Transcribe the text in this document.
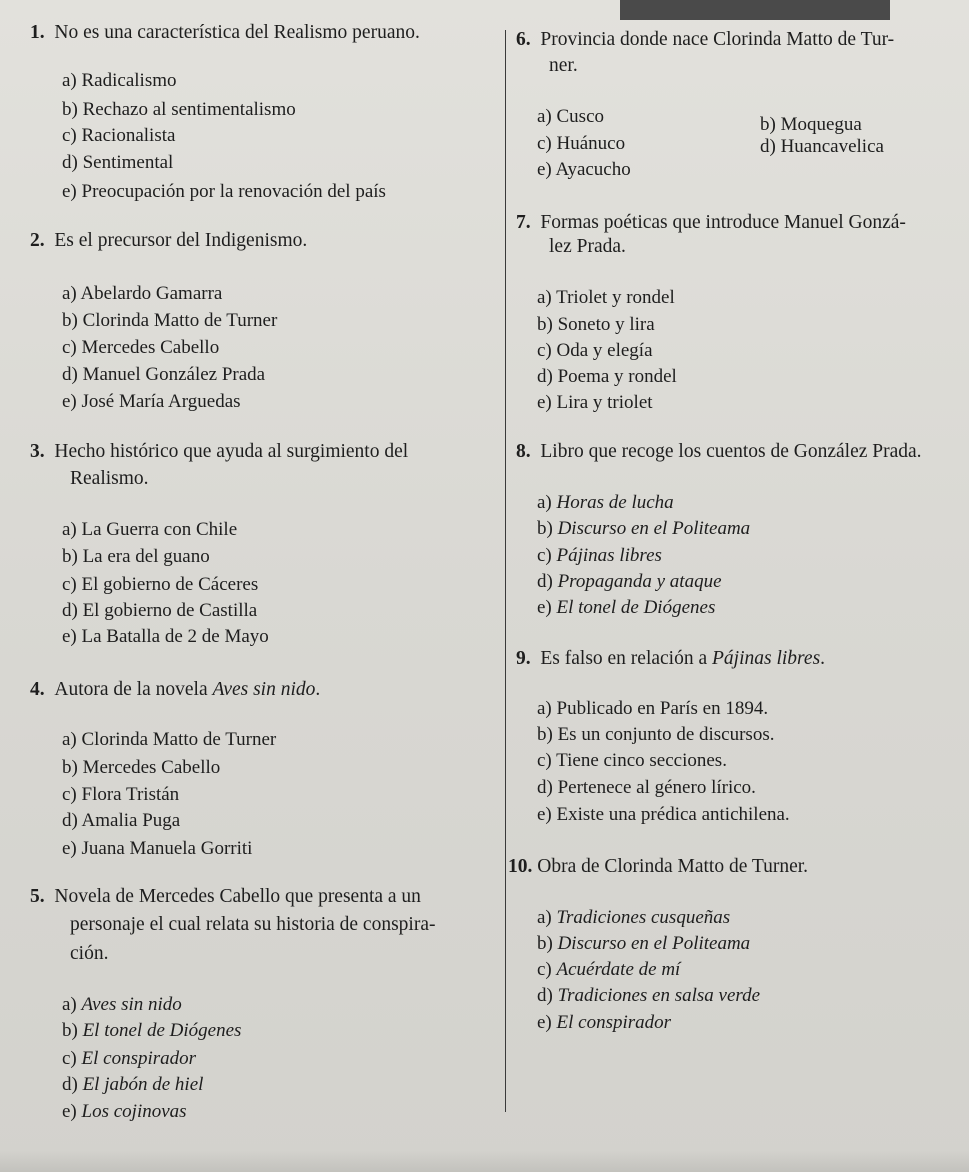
1. No es una característica del Realismo peruano.
a) Radicalismo
b) Rechazo al sentimentalismo
c) Racionalista
d) Sentimental
e) Preocupación por la renovación del país
2. Es el precursor del Indigenismo.
a) Abelardo Gamarra
b) Clorinda Matto de Turner
c) Mercedes Cabello
d) Manuel González Prada
e) José María Arguedas
3. Hecho histórico que ayuda al surgimiento del
Realismo.
a) La Guerra con Chile
b) La era del guano
c) El gobierno de Cáceres
d) El gobierno de Castilla
e) La Batalla de 2 de Mayo
4. Autora de la novela Aves sin nido.
a) Clorinda Matto de Turner
b) Mercedes Cabello
c) Flora Tristán
d) Amalia Puga
e) Juana Manuela Gorriti
5. Novela de Mercedes Cabello que presenta a un
personaje el cual relata su historia de conspira-
ción.
a) Aves sin nido
b) El tonel de Diógenes
c) El conspirador
d) El jabón de hiel
e) Los cojinovas
6. Provincia donde nace Clorinda Matto de Tur-
ner.
a) Cusco	b) Moquegua
c) Huánuco	d) Huancavelica
e) Ayacucho
7. Formas poéticas que introduce Manuel Gonzá-
lez Prada.
a) Triolet y rondel
b) Soneto y lira
c) Oda y elegía
d) Poema y rondel
e) Lira y triolet
8. Libro que recoge los cuentos de González Prada.
a) Horas de lucha
b) Discurso en el Politeama
c) Pájinas libres
d) Propaganda y ataque
e) El tonel de Diógenes
9. Es falso en relación a Pájinas libres.
a) Publicado en París en 1894.
b) Es un conjunto de discursos.
c) Tiene cinco secciones.
d) Pertenece al género lírico.
e) Existe una prédica antichilena.
10. Obra de Clorinda Matto de Turner.
a) Tradiciones cusqueñas
b) Discurso en el Politeama
c) Acuérdate de mí
d) Tradiciones en salsa verde
e) El conspirador
